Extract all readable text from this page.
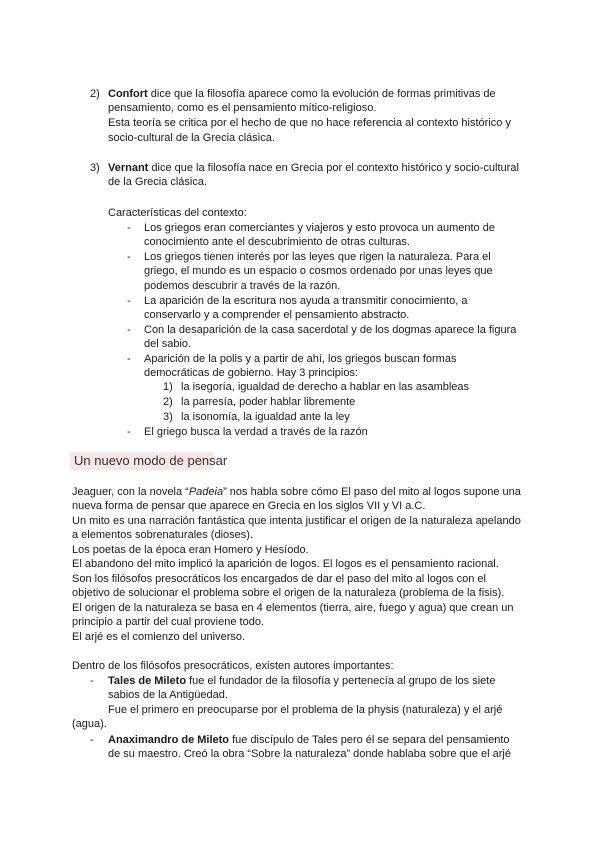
2) Confort dice que la filosofía aparece como la evolución de formas primitivas de
pensamiento, como es el pensamiento mítico-religioso.
Esta teoría se critica por el hecho de que no hace referencia al contexto histórico y
socio-cultural de la Grecia clásica.
3) Vernant dice que la filosofía nace en Grecia por el contexto histórico y socio-cultural
de la Grecia clásica.
Características del contexto:
- Los griegos eran comerciantes y viajeros y esto provoca un aumento de
conocimiento ante el descubrimiento de otras culturas.
- Los griegos tienen interés por las leyes que rigen la naturaleza. Para el
griego, el mundo es un espacio o cosmos ordenado por unas leyes que
podemos descubrir a través de la razón.
- La aparición de la escritura nos ayuda a transmitir conocimiento, a
conservarlo y a comprender el pensamiento abstracto.
- Con la desaparición de la casa sacerdotal y de los dogmas aparece la figura
del sabio.
- Aparición de la polis y a partir de ahí, los griegos buscan formas
democráticas de gobierno. Hay 3 principios:
1) la isegoría, igualdad de derecho a hablar en las asambleas
2) la parresía, poder hablar libremente
3) la isonomía, la igualdad ante la ley
- El griego busca la verdad a través de la razón
Un nuevo modo de pensar
Jeaguer, con la novela “Padeia” nos habla sobre cómo El paso del mito al logos supone una
nueva forma de pensar que aparece en Grecia en los siglos VII y VI a.C.
Un mito es una narración fantástica que intenta justificar el origen de la naturaleza apelando
a elementos sobrenaturales (dioses).
Los poetas de la época eran Homero y Hesíodo.
El abandono del mito implicó la aparición de logos. El logos es el pensamiento racional.
Son los filósofos presocráticos los encargados de dar el paso del mito al logos con el
objetivo de solucionar el problema sobre el origen de la naturaleza (problema de la fisis).
El origen de la naturaleza se basa en 4 elementos (tierra, aire, fuego y agua) que crean un
principio a partir del cual proviene todo.
El arjé es el comienzo del universo.
Dentro de los filósofos presocráticos, existen autores importantes:
- Tales de Mileto fue el fundador de la filosofía y pertenecía al grupo de los siete
sabios de la Antigüedad.
Fue el primero en preocuparse por el problema de la physis (naturaleza) y el arjé
(agua).
- Anaximandro de Mileto fue discípulo de Tales pero él se separa del pensamiento
de su maestro. Creó la obra “Sobre la naturaleza” donde hablaba sobre que el arjé
